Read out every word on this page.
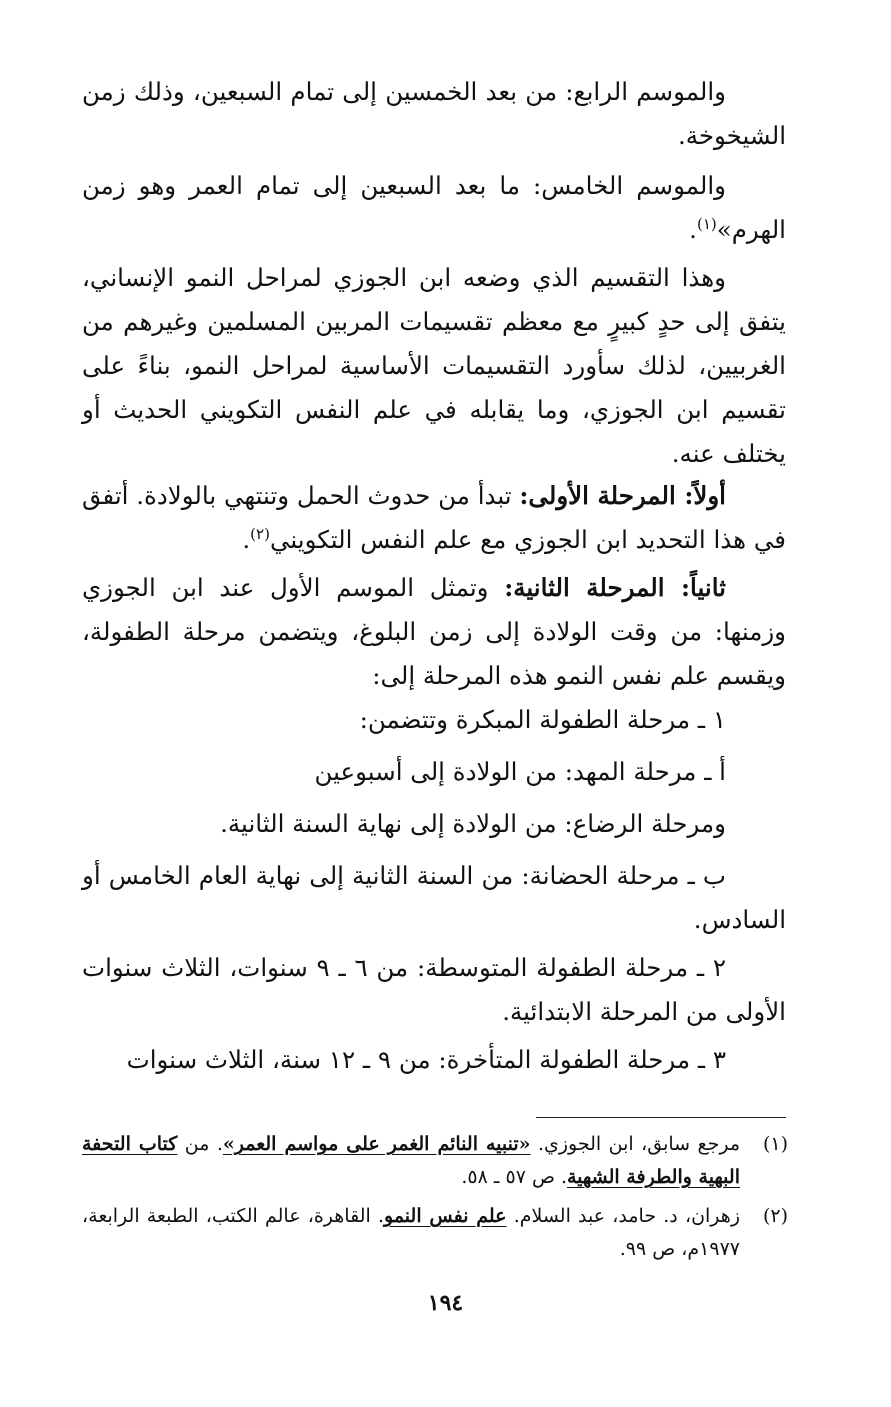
والموسم الرابع: من بعد الخمسين إلى تمام السبعين، وذلك زمن الشيخوخة.

والموسم الخامس: ما بعد السبعين إلى تمام العمر وهو زمن الهرم»$^{(١)}$.

وهذا التقسيم الذي وضعه ابن الجوزي لمراحل النمو الإنساني، يتفق إلى حدٍ كبيرٍ مع معظم تقسيمات المربين المسلمين وغيرهم من الغربيين، لذلك سأورد التقسيمات الأساسية لمراحل النمو، بناءً على تقسيم ابن الجوزي، وما يقابله في علم النفس التكويني الحديث أو يختلف عنه.

أولاً: المرحلة الأولى: تبدأ من حدوث الحمل وتنتهي بالولادة. أتفق في هذا التحديد ابن الجوزي مع علم النفس التكويني$^{(٢)}$.

ثانياً: المرحلة الثانية: وتمثل الموسم الأول عند ابن الجوزي وزمنها: من وقت الولادة إلى زمن البلوغ، ويتضمن مرحلة الطفولة، ويقسم علم نفس النمو هذه المرحلة إلى:

١ ـ مرحلة الطفولة المبكرة وتتضمن:

أ ـ مرحلة المهد: من الولادة إلى أسبوعين

ومرحلة الرضاع: من الولادة إلى نهاية السنة الثانية.

ب ـ مرحلة الحضانة: من السنة الثانية إلى نهاية العام الخامس أو السادس.

٢ ـ مرحلة الطفولة المتوسطة: من ٦ ـ ٩ سنوات، الثلاث سنوات الأولى من المرحلة الابتدائية.

٣ ـ مرحلة الطفولة المتأخرة: من ٩ ـ ١٢ سنة، الثلاث سنوات

(١)
مرجع سابق، ابن الجوزي. «تنبيه النائم الغمر على مواسم العمر». من كتاب التحفة البهية والطرفة الشهية. ص ٥٧ ـ ٥٨.
(٢)
زهران، د. حامد، عبد السلام. علم نفس النمو. القاهرة، عالم الكتب، الطبعة الرابعة، ١٩٧٧م، ص ٩٩.
١٩٤
